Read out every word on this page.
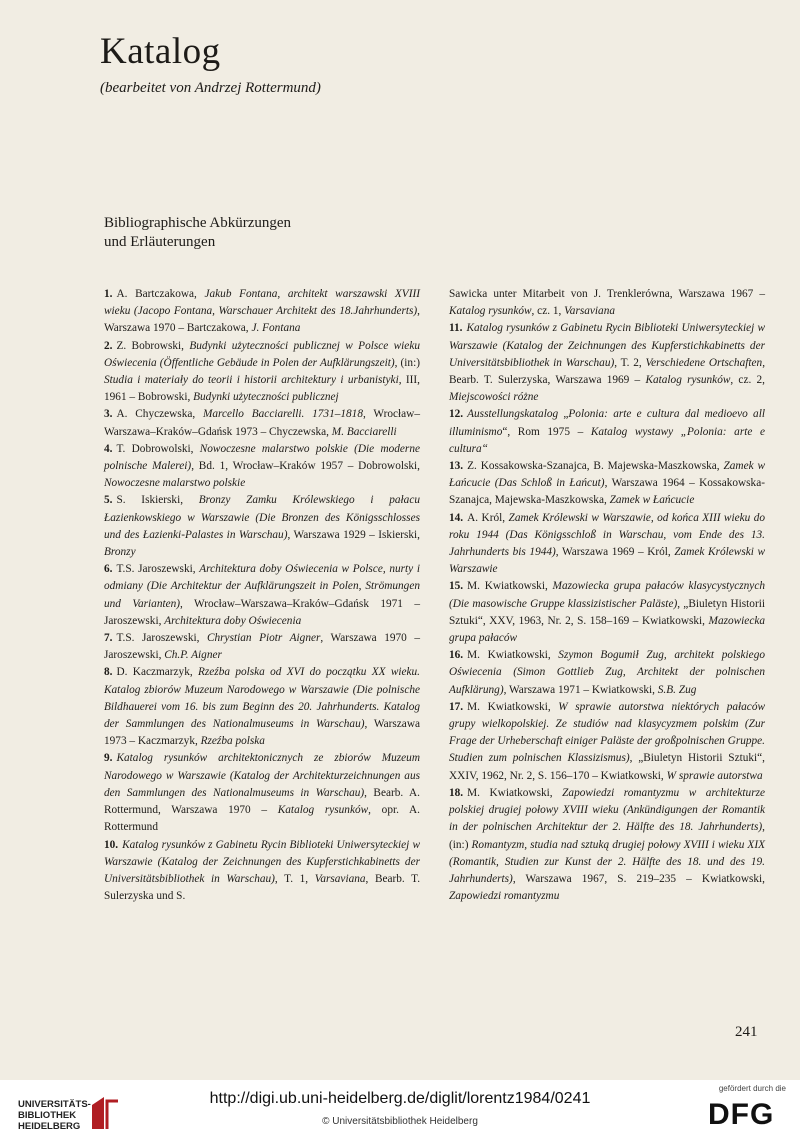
Katalog
(bearbeitet von Andrzej Rottermund)
Bibliographische Abkürzungen
und Erläuterungen

1. A. Bartczakowa, Jakub Fontana, architekt warszawski XVIII wieku (Jacopo Fontana, Warschauer Architekt des 18.Jahrhunderts), Warszawa 1970 – Bartczakowa, J. Fontana

2. Z. Bobrowski, Budynki użyteczności publicznej w Polsce wieku Oświecenia (Öffentliche Gebäude in Polen der Aufklärungszeit), (in:) Studia i materiały do teorii i historii architektury i urbanistyki, III, 1961 – Bobrowski, Budynki użyteczności publicznej

3. A. Chyczewska, Marcello Bacciarelli. 1731–1818, Wrocław–Warszawa–Kraków–Gdańsk 1973 – Chyczewska, M. Bacciarelli

4. T. Dobrowolski, Nowoczesne malarstwo polskie (Die moderne polnische Malerei), Bd. 1, Wrocław–Kraków 1957 – Dobrowolski, Nowoczesne malarstwo polskie

5. S. Iskierski, Bronzy Zamku Królewskiego i pałacu Łazienkowskiego w Warszawie (Die Bronzen des Königsschlosses und des Łazienki-Palastes in Warschau), Warszawa 1929 – Iskierski, Bronzy

6. T.S. Jaroszewski, Architektura doby Oświecenia w Polsce, nurty i odmiany (Die Architektur der Aufklärungszeit in Polen, Strömungen und Varianten), Wrocław–Warszawa–Kraków–Gdańsk 1971 – Jaroszewski, Architektura doby Oświecenia

7. T.S. Jaroszewski, Chrystian Piotr Aigner, Warszawa 1970 – Jaroszewski, Ch.P. Aigner

8. D. Kaczmarzyk, Rzeźba polska od XVI do początku XX wieku. Katalog zbiorów Muzeum Narodowego w Warszawie (Die polnische Bildhauerei vom 16. bis zum Beginn des 20. Jahrhunderts. Katalog der Sammlungen des Nationalmuseums in Warschau), Warszawa 1973 – Kaczmarzyk, Rzeźba polska

9. Katalog rysunków architektonicznych ze zbiorów Muzeum Narodowego w Warszawie (Katalog der Architekturzeichnungen aus den Sammlungen des Nationalmuseums in Warschau), Bearb. A. Rottermund, Warszawa 1970 – Katalog rysunków, opr. A. Rottermund

10. Katalog rysunków z Gabinetu Rycin Biblioteki Uniwersyteckiej w Warszawie (Katalog der Zeichnungen des Kupferstichkabinetts der Universitätsbibliothek in Warschau), T. 1, Varsaviana, Bearb. T. Sulerzyska und S.

Sawicka unter Mitarbeit von J. Trenklerówna, Warszawa 1967 – Katalog rysunków, cz. 1, Varsaviana

11. Katalog rysunków z Gabinetu Rycin Biblioteki Uniwersyteckiej w Warszawie (Katalog der Zeichnungen des Kupferstichkabinetts der Universitätsbibliothek in Warschau), T. 2, Verschiedene Ortschaften, Bearb. T. Sulerzyska, Warszawa 1969 – Katalog rysunków, cz. 2, Miejscowości różne

12. Ausstellungskatalog „Polonia: arte e cultura dal medioevo all illuminismo“, Rom 1975 – Katalog wystawy „Polonia: arte e cultura“

13. Z. Kossakowska-Szanajca, B. Majewska-Maszkowska, Zamek w Łańcucie (Das Schloß in Łańcut), Warszawa 1964 – Kossakowska-Szanajca, Majewska-Maszkowska, Zamek w Łańcucie

14. A. Król, Zamek Królewski w Warszawie, od końca XIII wieku do roku 1944 (Das Königsschloß in Warschau, vom Ende des 13. Jahrhunderts bis 1944), Warszawa 1969 – Król, Zamek Królewski w Warszawie

15. M. Kwiatkowski, Mazowiecka grupa pałaców klasycystycznych (Die masowische Gruppe klassizistischer Paläste), „Biuletyn Historii Sztuki“, XXV, 1963, Nr. 2, S. 158–169 – Kwiatkowski, Mazowiecka grupa pałaców

16. M. Kwiatkowski, Szymon Bogumił Zug, architekt polskiego Oświecenia (Simon Gottlieb Zug, Architekt der polnischen Aufklärung), Warszawa 1971 – Kwiatkowski, S.B. Zug

17. M. Kwiatkowski, W sprawie autorstwa niektórych pałaców grupy wielkopolskiej. Ze studiów nad klasycyzmem polskim (Zur Frage der Urheberschaft einiger Paläste der großpolnischen Gruppe. Studien zum polnischen Klassizismus), „Biuletyn Historii Sztuki“, XXIV, 1962, Nr. 2, S. 156–170 – Kwiatkowski, W sprawie autorstwa

18. M. Kwiatkowski, Zapowiedzi romantyzmu w architekturze polskiej drugiej połowy XVIII wieku (Ankündigungen der Romantik in der polnischen Architektur der 2. Hälfte des 18. Jahrhunderts), (in:) Romantyzm, studia nad sztuką drugiej połowy XVIII i wieku XIX (Romantik, Studien zur Kunst der 2. Hälfte des 18. und des 19. Jahrhunderts), Warszawa 1967, S. 219–235 – Kwiatkowski, Zapowiedzi romantyzmu

241
UNIVERSITÄTS-
BIBLIOTHEK
HEIDELBERG
http://digi.ub.uni-heidelberg.de/diglit/lorentz1984/0241
© Universitätsbibliothek Heidelberg
gefördert durch die
DFG
